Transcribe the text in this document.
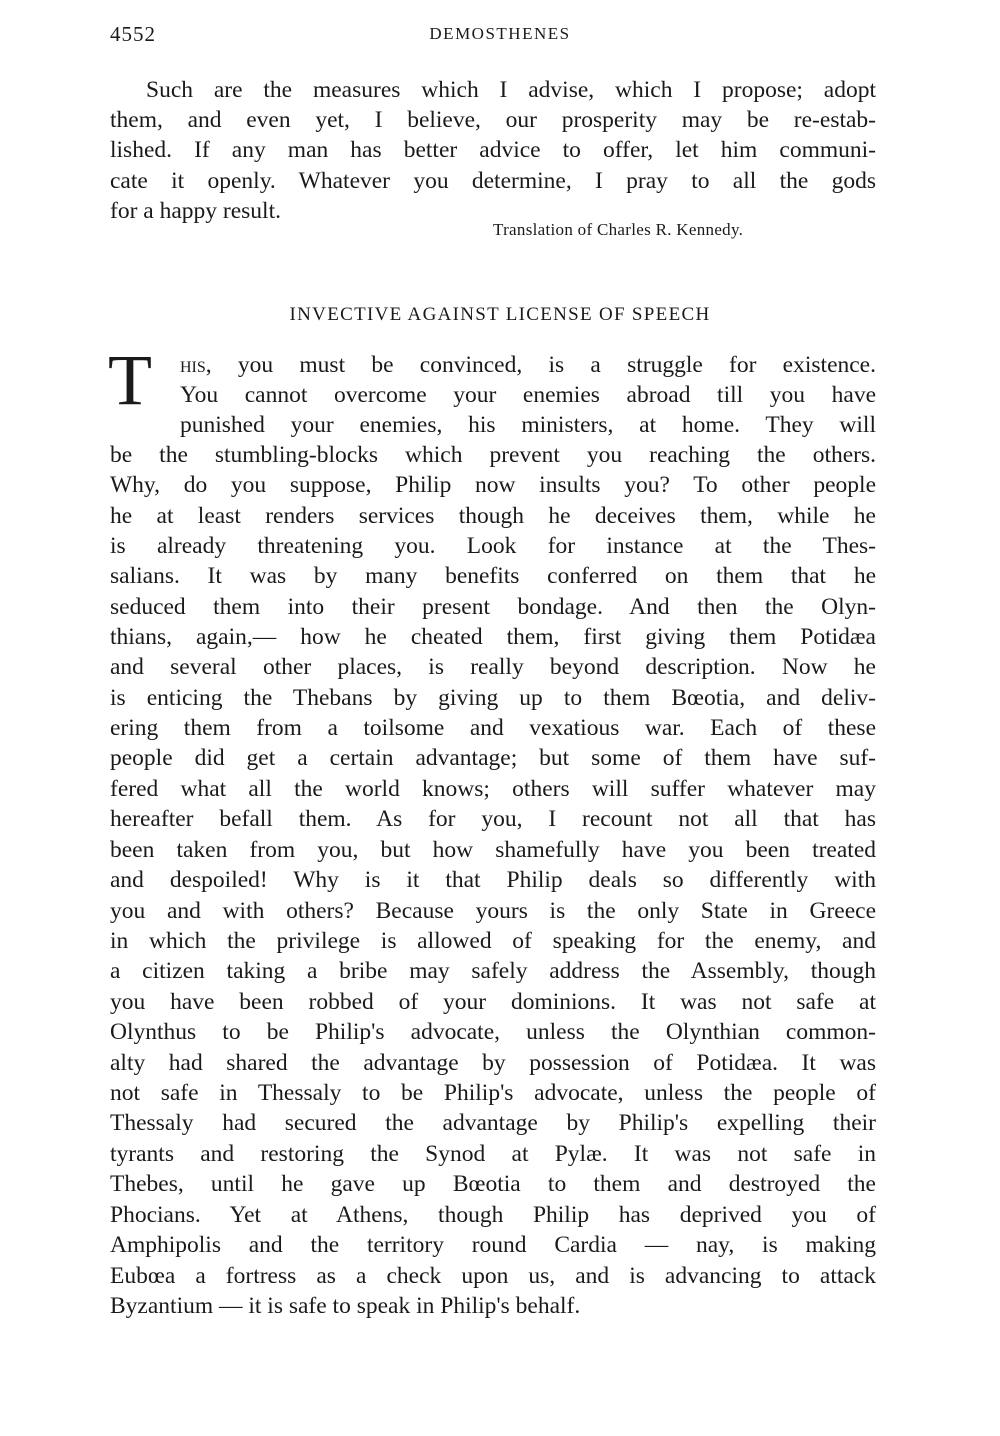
4552	DEMOSTHENES
Such are the measures which I advise, which I propose; adopt
them, and even yet, I believe, our prosperity may be re-estab-
lished. If any man has better advice to offer, let him communi-
cate it openly. Whatever you determine, I pray to all the gods
for a happy result.
Translation of Charles R. Kennedy.
INVECTIVE AGAINST LICENSE OF SPEECH
T his, you must be convinced, is a struggle for existence.
You cannot overcome your enemies abroad till you have
punished your enemies, his ministers, at home. They will
be the stumbling-blocks which prevent you reaching the others.
Why, do you suppose, Philip now insults you? To other people
he at least renders services though he deceives them, while he
is already threatening you. Look for instance at the Thes-
salians. It was by many benefits conferred on them that he
seduced them into their present bondage. And then the Olyn-
thians, again,— how he cheated them, first giving them Potidæa
and several other places, is really beyond description. Now he
is enticing the Thebans by giving up to them Bœotia, and deliv-
ering them from a toilsome and vexatious war. Each of these
people did get a certain advantage; but some of them have suf-
fered what all the world knows; others will suffer whatever may
hereafter befall them. As for you, I recount not all that has
been taken from you, but how shamefully have you been treated
and despoiled! Why is it that Philip deals so differently with
you and with others? Because yours is the only State in Greece
in which the privilege is allowed of speaking for the enemy, and
a citizen taking a bribe may safely address the Assembly, though
you have been robbed of your dominions. It was not safe at
Olynthus to be Philip's advocate, unless the Olynthian common-
alty had shared the advantage by possession of Potidæa. It was
not safe in Thessaly to be Philip's advocate, unless the people of
Thessaly had secured the advantage by Philip's expelling their
tyrants and restoring the Synod at Pylæ. It was not safe in
Thebes, until he gave up Bœotia to them and destroyed the
Phocians. Yet at Athens, though Philip has deprived you of
Amphipolis and the territory round Cardia — nay, is making
Eubœa a fortress as a check upon us, and is advancing to attack
Byzantium — it is safe to speak in Philip's behalf.
